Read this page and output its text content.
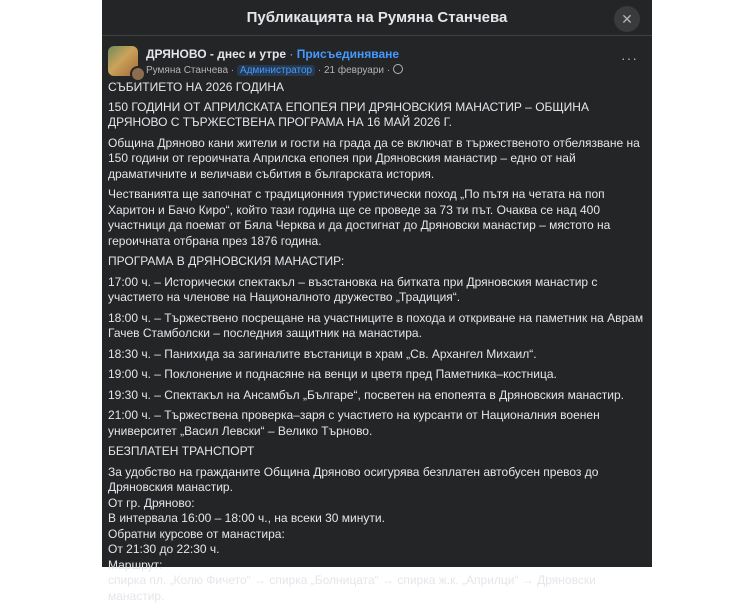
Публикацията на Румяна Станчева	✕
ДРЯНОВО - днес и утре · Присъединяване
Румяна Станчева · Администратор · 21 февруари ·
···

СЪБИТИЕТО НА 2026 ГОДИНА

150 ГОДИНИ ОТ АПРИЛСКАТА ЕПОПЕЯ ПРИ ДРЯНОВСКИЯ МАНАСТИР – ОБЩИНА ДРЯНОВО С ТЪРЖЕСТВЕНА ПРОГРАМА НА 16 МАЙ 2026 Г.

Община Дряново кани жители и гости на града да се включат в тържественото отбелязване на 150 години от героичната Априлска епопея при Дряновския манастир – едно от най драматичните и величави събития в българската история.

Честванията ще започнат с традиционния туристически поход „По пътя на четата на поп Харитон и Бачо Киро“, който тази година ще се проведе за 73 ти път. Очаква се над 400 участници да поемат от Бяла Черква и да достигнат до Дряновски манастир – мястото на героичната отбрана през 1876 година.

ПРОГРАМА В ДРЯНОВСКИЯ МАНАСТИР:

17:00 ч. – Исторически спектакъл – възстановка на битката при Дряновския манастир с участието на членове на Националното дружество „Традиция“.

18:00 ч. – Тържествено посрещане на участниците в похода и откриване на паметник на Аврам Гачев Стамболски – последния защитник на манастира.

18:30 ч. – Панихида за загиналите въстаници в храм „Св. Архангел Михаил“.

19:00 ч. – Поклонение и поднасяне на венци и цветя пред Паметника–костница.

19:30 ч. – Спектакъл на Ансамбъл „Българе“, посветен на епопеята в Дряновския манастир.

21:00 ч. – Тържествена проверка–заря с участието на курсанти от Националния военен университет „Васил Левски“ – Велико Търново.

БЕЗПЛАТЕН ТРАНСПОРТ

За удобство на гражданите Община Дряново осигурява безплатен автобусен превоз до Дряновския манастир.

От гр. Дряново:

В интервала 16:00 – 18:00 ч., на всеки 30 минути.

Обратни курсове от манастира:

От 21:30 до 22:30 ч.

Маршрут:

спирка пл. „Колю Фичето“ → спирка „Болницата“ → спирка ж.к. „Априлци“ → Дряновски манастир.
